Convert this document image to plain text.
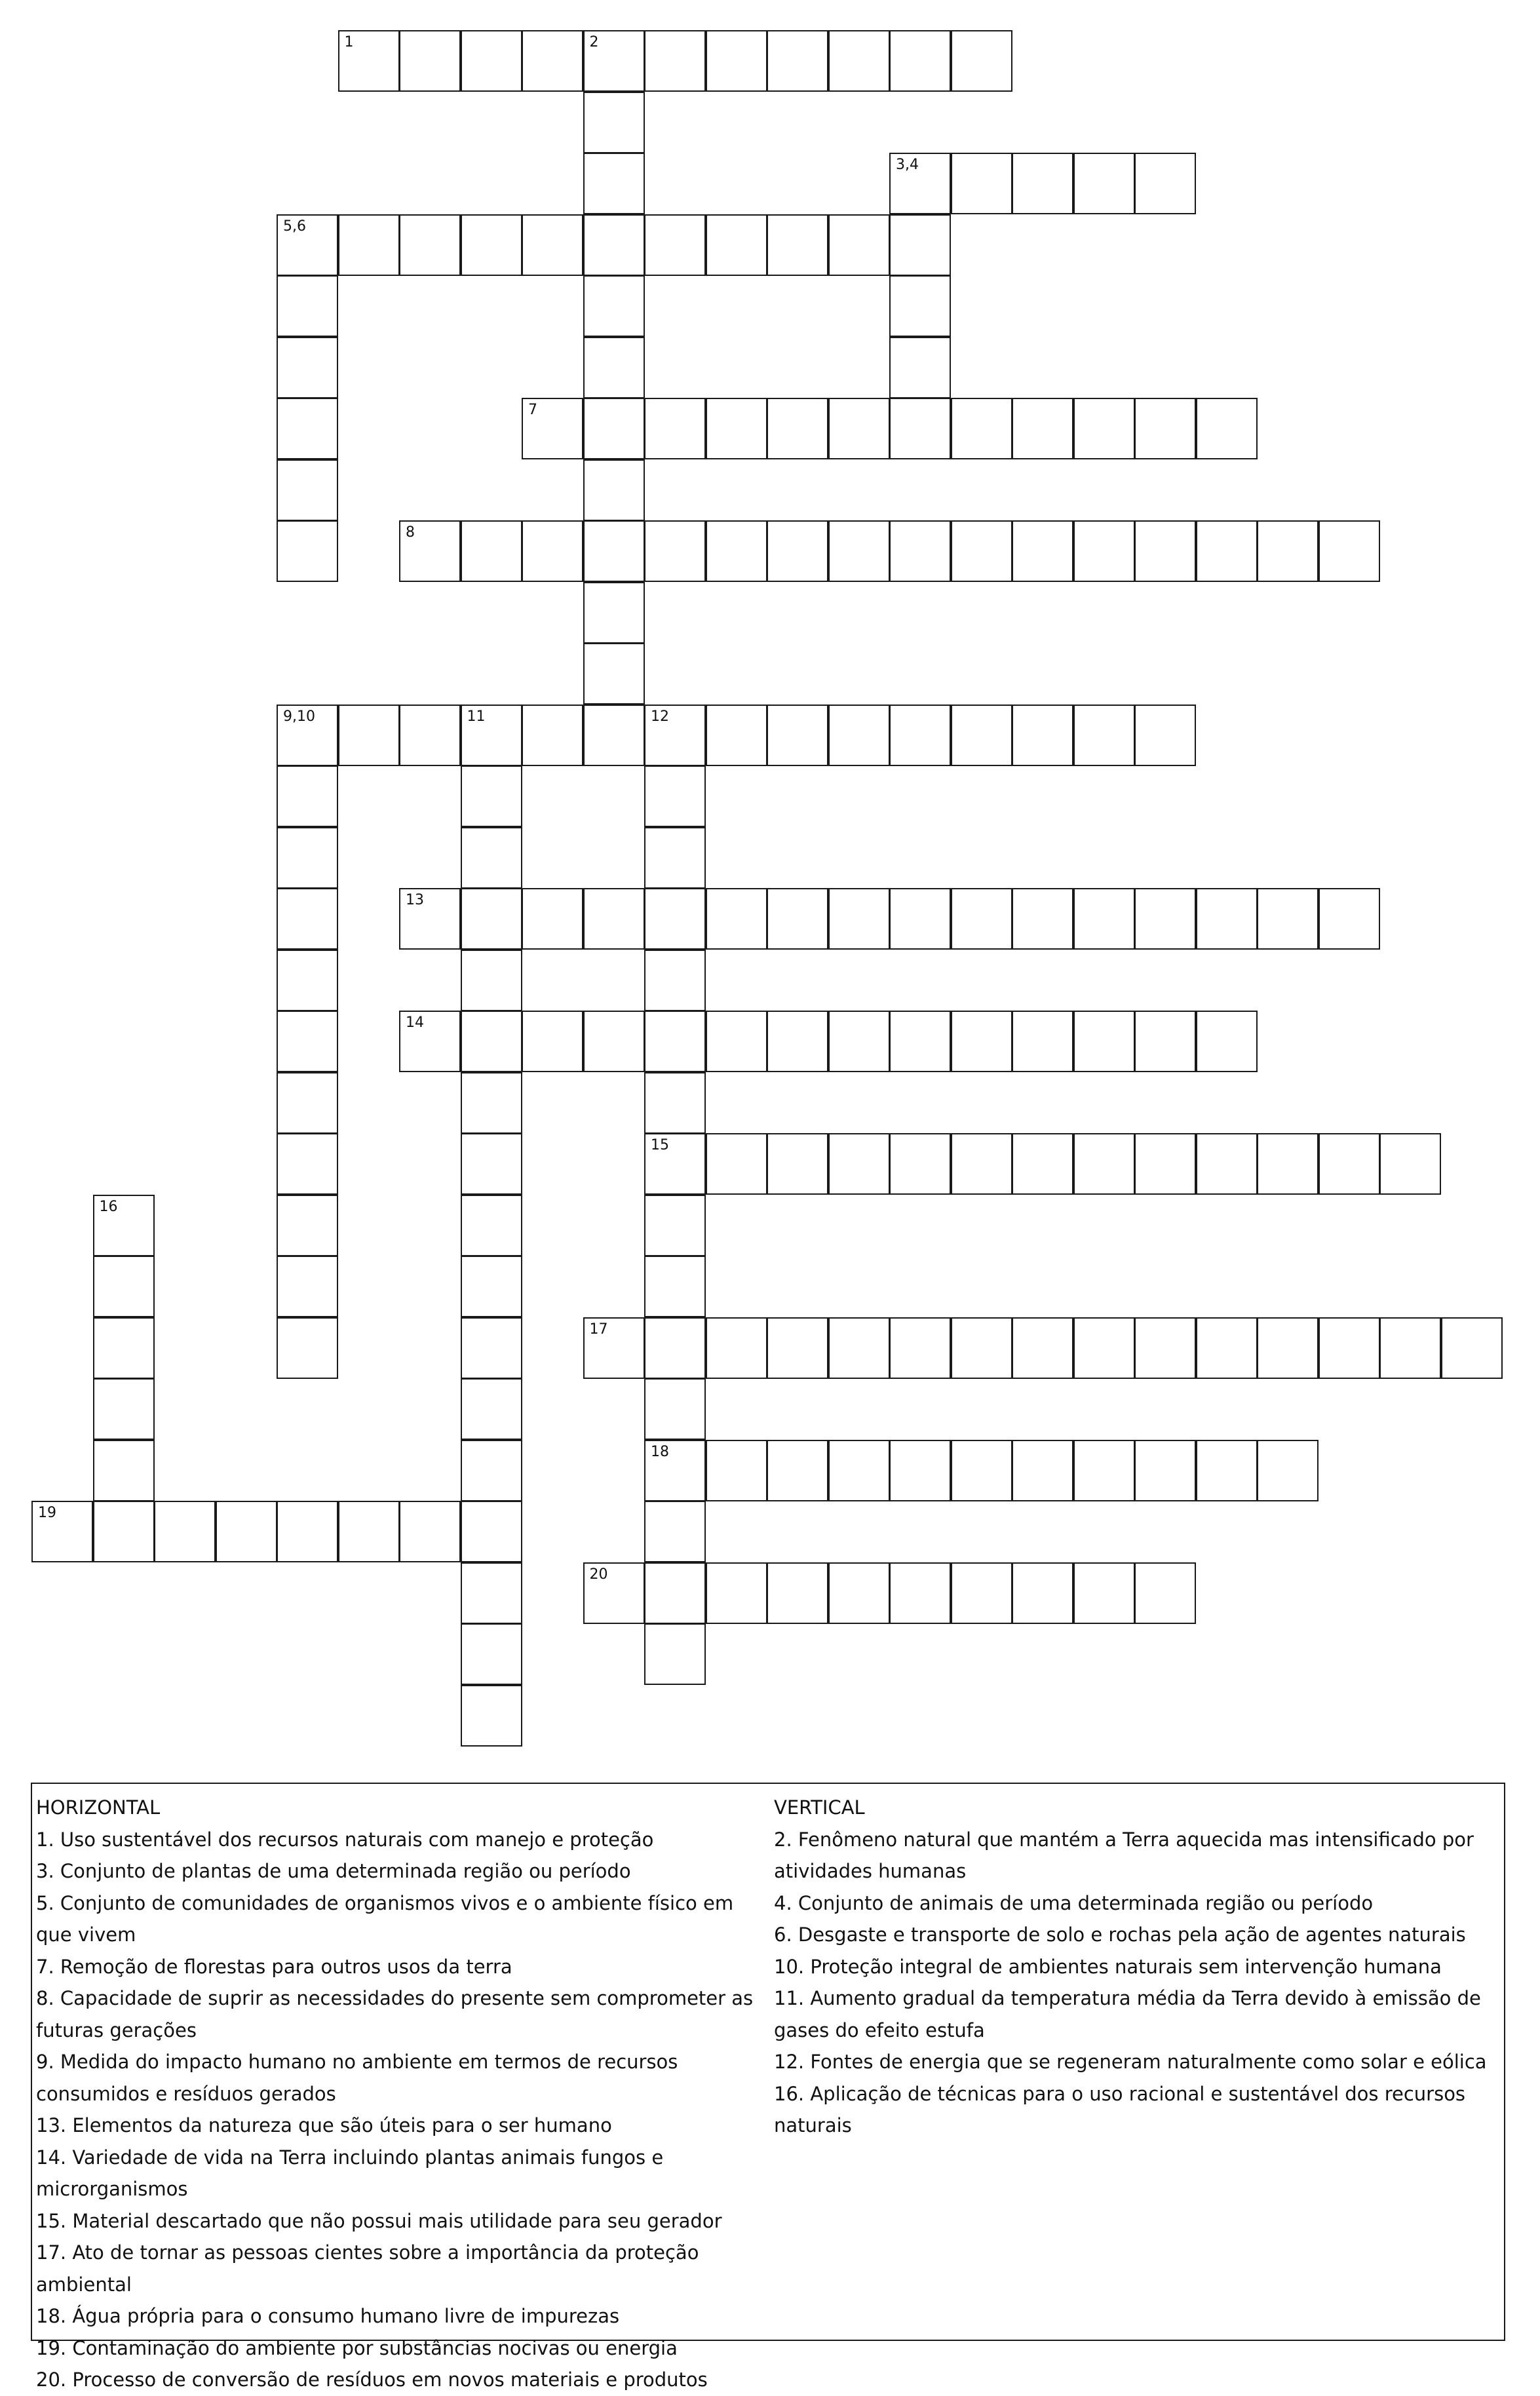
1	2
3,4
5,6
7
8
9,10	11	12
15
18
13
14
16
17
19
20
HORIZONTAL
1. Uso sustentável dos recursos naturais com manejo e proteção
3. Conjunto de plantas de uma determinada região ou período
5. Conjunto de comunidades de organismos vivos e o ambiente físico em que vivem
7. Remoção de florestas para outros usos da terra
8. Capacidade de suprir as necessidades do presente sem comprometer as futuras gerações
9. Medida do impacto humano no ambiente em termos de recursos consumidos e resíduos gerados
13. Elementos da natureza que são úteis para o ser humano
14. Variedade de vida na Terra incluindo plantas animais fungos e microrganismos
15. Material descartado que não possui mais utilidade para seu gerador
17. Ato de tornar as pessoas cientes sobre a importância da proteção ambiental
18. Água própria para o consumo humano livre de impurezas
19. Contaminação do ambiente por substâncias nocivas ou energia
20. Processo de conversão de resíduos em novos materiais e produtos
VERTICAL
2. Fenômeno natural que mantém a Terra aquecida mas intensificado por atividades humanas
4. Conjunto de animais de uma determinada região ou período
6. Desgaste e transporte de solo e rochas pela ação de agentes naturais
10. Proteção integral de ambientes naturais sem intervenção humana
11. Aumento gradual da temperatura média da Terra devido à emissão de gases do efeito estufa
12. Fontes de energia que se regeneram naturalmente como solar e eólica
16. Aplicação de técnicas para o uso racional e sustentável dos recursos naturais
